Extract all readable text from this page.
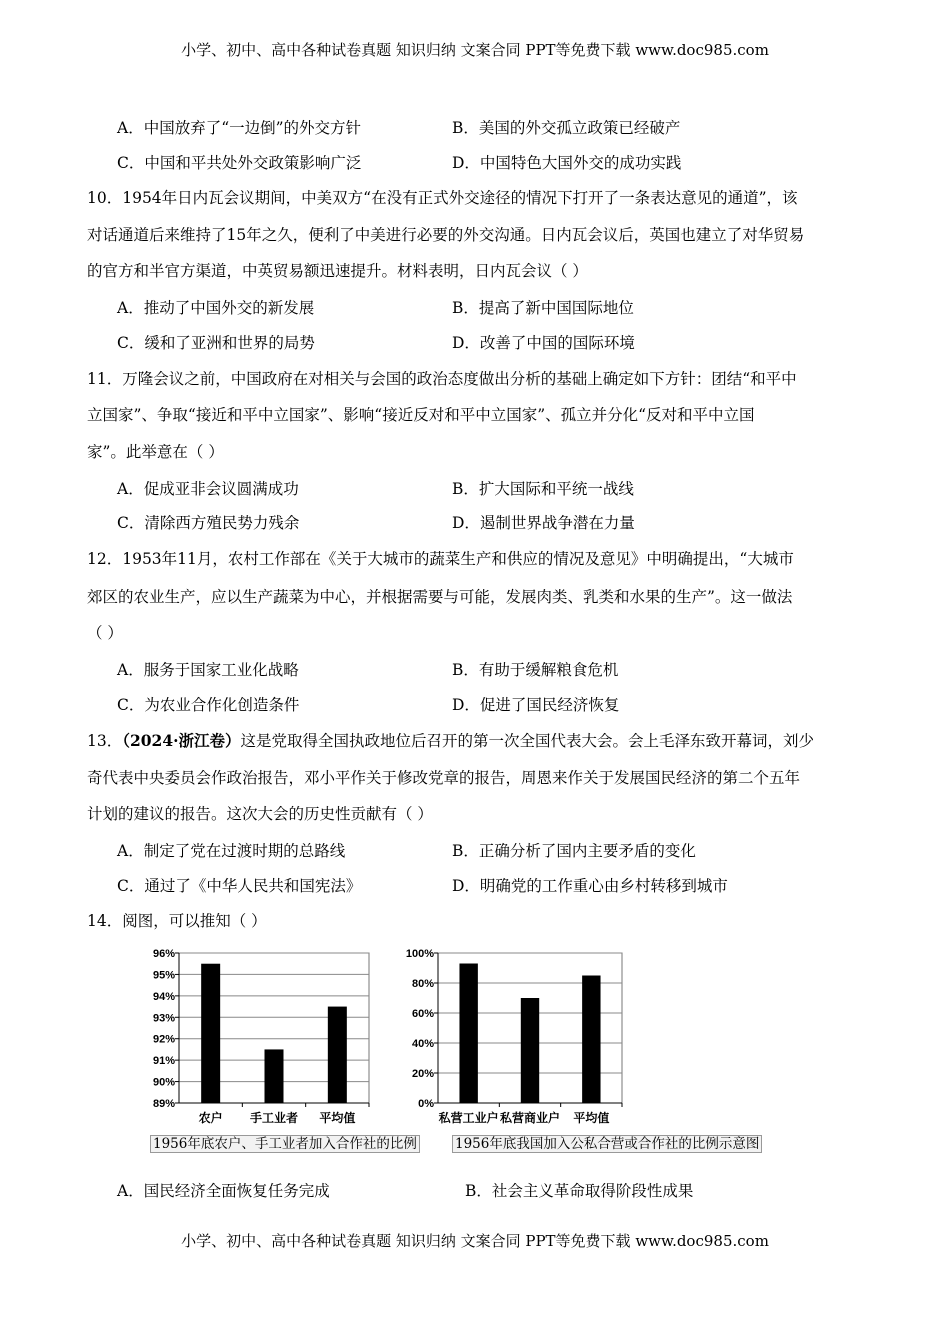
小学、初中、高中各种试卷真题 知识归纳 文案合同 PPT等免费下载 www.doc985.com
A．中国放弃了“一边倒”的外交方针	B．美国的外交孤立政策已经破产
C．中国和平共处外交政策影响广泛	D．中国特色大国外交的成功实践
10．1954年日内瓦会议期间，中美双方“在没有正式外交途径的情况下打开了一条表达意见的通道”，该
对话通道后来维持了15年之久，便利了中美进行必要的外交沟通。日内瓦会议后，英国也建立了对华贸易
的官方和半官方渠道，中英贸易额迅速提升。材料表明，日内瓦会议（ ）
A．推动了中国外交的新发展	B．提高了新中国国际地位
C．缓和了亚洲和世界的局势	D．改善了中国的国际环境
11．万隆会议之前，中国政府在对相关与会国的政治态度做出分析的基础上确定如下方针：团结“和平中
立国家”、争取“接近和平中立国家”、影响“接近反对和平中立国家”、孤立并分化“反对和平中立国
家”。此举意在（ ）
A．促成亚非会议圆满成功	B．扩大国际和平统一战线
C．清除西方殖民势力残余	D．遏制世界战争潜在力量
12．1953年11月，农村工作部在《关于大城市的蔬菜生产和供应的情况及意见》中明确提出，“大城市
郊区的农业生产，应以生产蔬菜为中心，并根据需要与可能，发展肉类、乳类和水果的生产”。这一做法
（ ）
A．服务于国家工业化战略	B．有助于缓解粮食危机
C．为农业合作化创造条件	D．促进了国民经济恢复
13．（2024·浙江卷）这是党取得全国执政地位后召开的第一次全国代表大会。会上毛泽东致开幕词，刘少
奇代表中央委员会作政治报告，邓小平作关于修改党章的报告，周恩来作关于发展国民经济的第二个五年
计划的建议的报告。这次大会的历史性贡献有（ ）
A．制定了党在过渡时期的总路线	B．正确分析了国内主要矛盾的变化
C．通过了《中华人民共和国宪法》	D．明确党的工作重心由乡村转移到城市
14．阅图，可以推知（ ）
89%
90%
91%
92%
93%
94%
95%
96%
农户 手工业者 平均值
0%
20%
40%
60%
80%
100%
私营工业户 私营商业户 平均值
1956年底农户、手工业者加入合作社的比例	1956年底我国加入公私合营或合作社的比例示意图
A．国民经济全面恢复任务完成	B．社会主义革命取得阶段性成果
小学、初中、高中各种试卷真题 知识归纳 文案合同 PPT等免费下载 www.doc985.com
